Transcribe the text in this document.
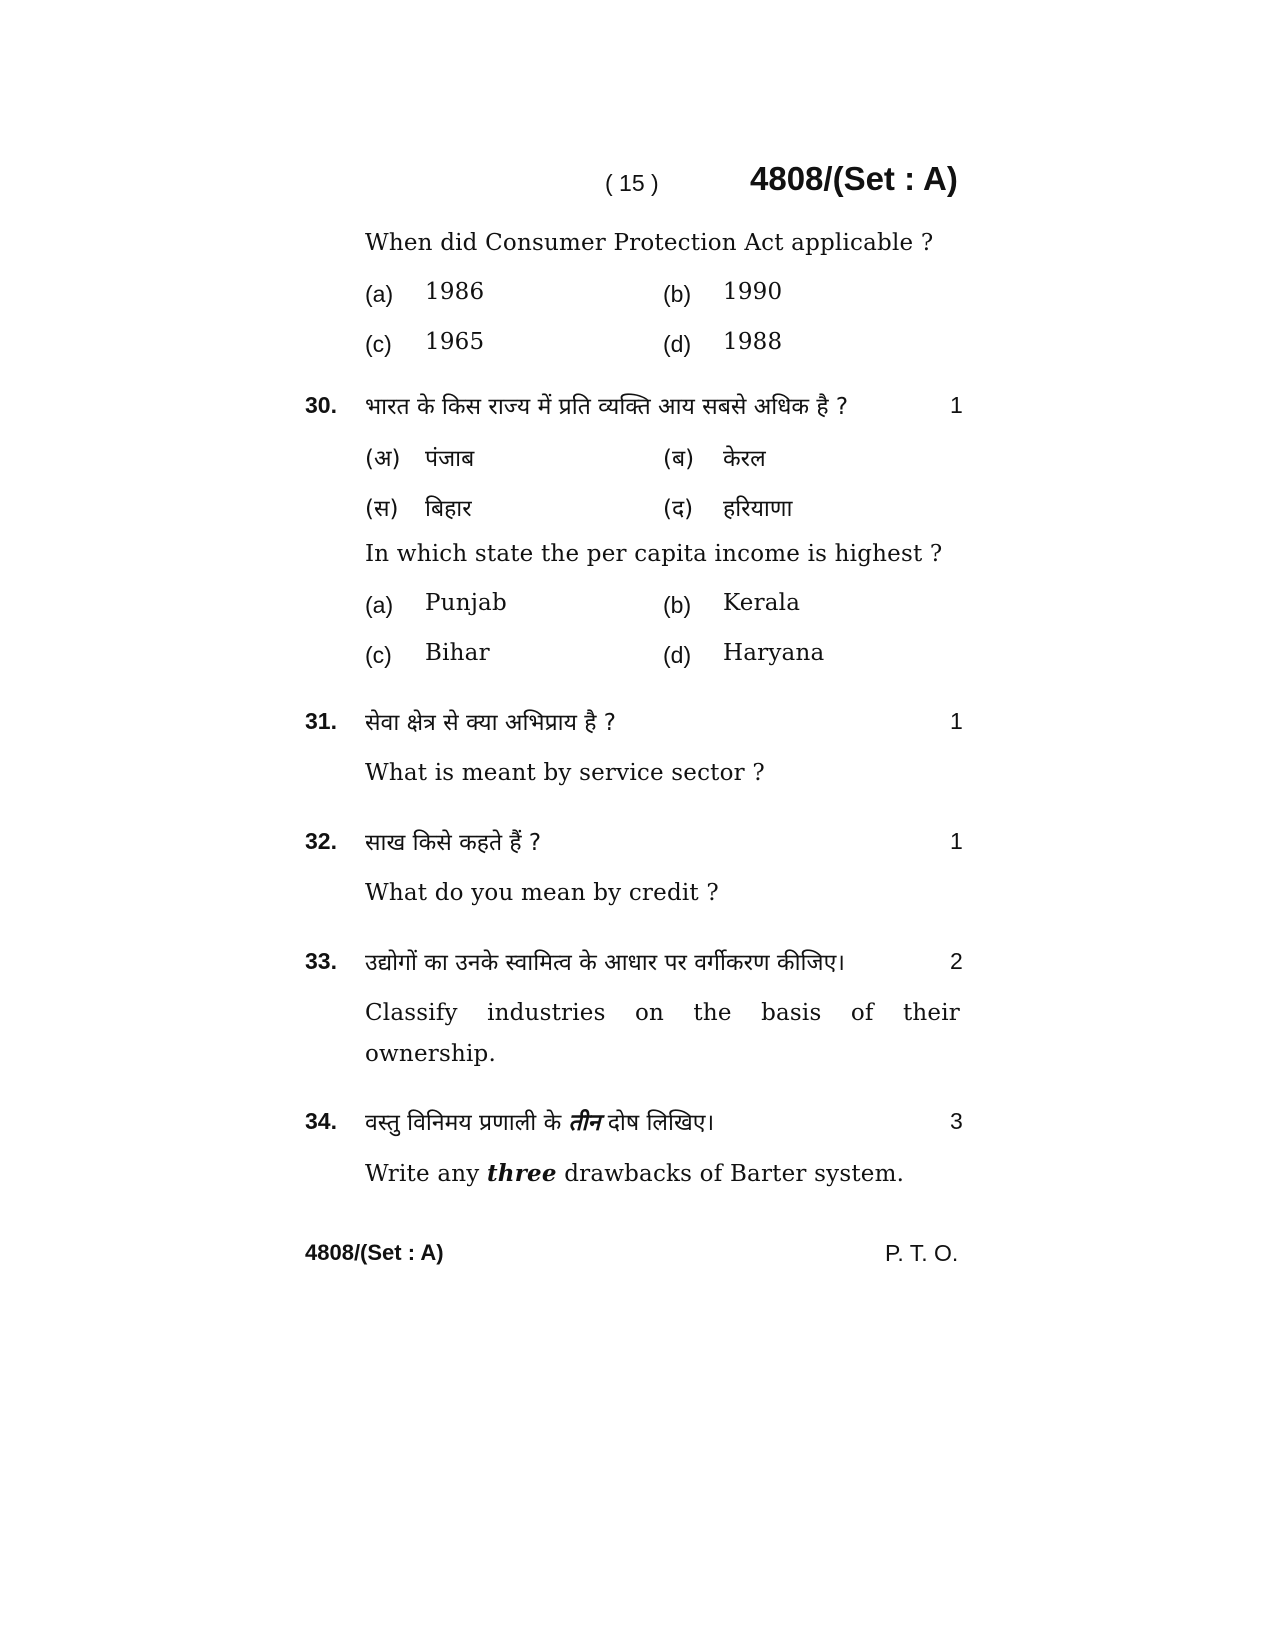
( 15 )	4808/(Set : A)
When did Consumer Protection Act applicable ?
(a) 1986	(b) 1990
(c) 1965	(d) 1988
30. भारत के किस राज्य में प्रति व्यक्ति आय सबसे अधिक है ?	1
(अ) पंजाब	(ब) केरल
(स) बिहार	(द) हरियाणा
In which state the per capita income is highest ?
(a) Punjab	(b) Kerala
(c) Bihar	(d) Haryana
31. सेवा क्षेत्र से क्या अभिप्राय है ?	1
What is meant by service sector ?
32. साख किसे कहते हैं ?	1
What do you mean by credit ?
33. उद्योगों का उनके स्वामित्व के आधार पर वर्गीकरण कीजिए।	2
Classify industries on the basis of their
ownership.
34. वस्तु विनिमय प्रणाली के तीन दोष लिखिए।	3
Write any three drawbacks of Barter system.
4808/(Set : A)	P. T. O.
